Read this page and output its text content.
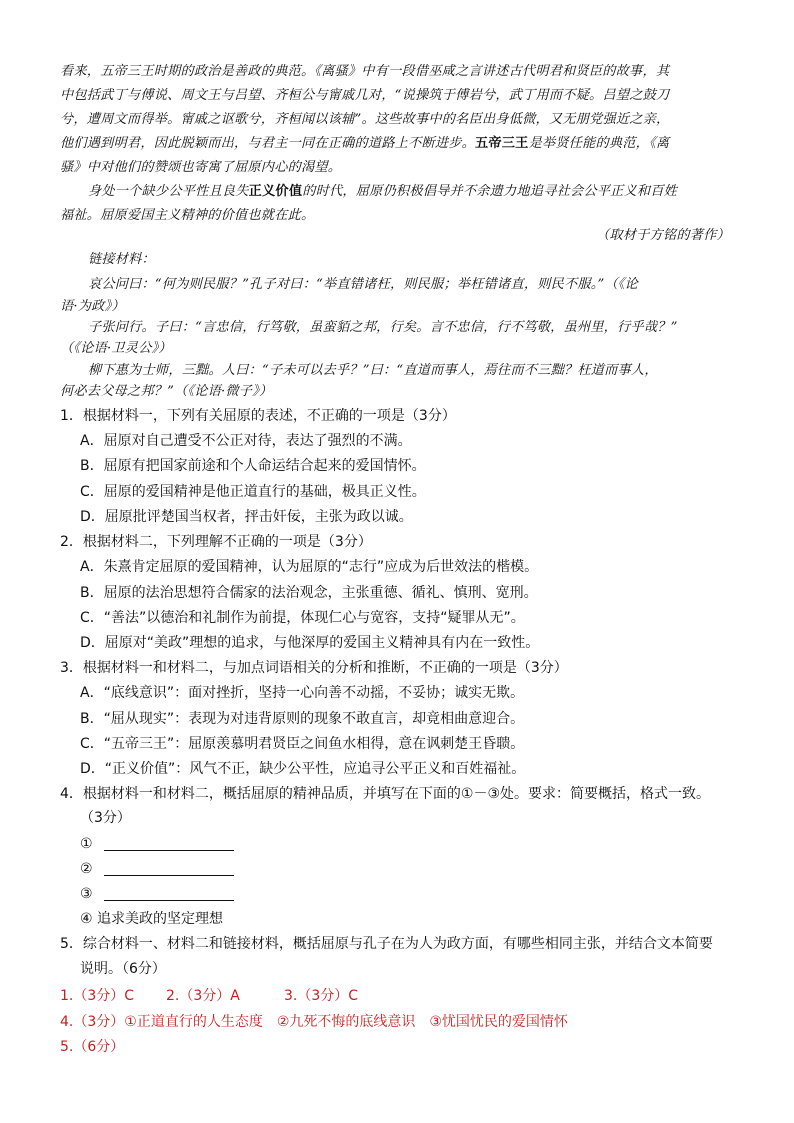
看来，五帝三王时期的政治是善政的典范。《离骚》中有一段借巫咸之言讲述古代明君和贤臣的故事，其
中包括武丁与傅说、周文王与吕望、齐桓公与甯戚几对，“说操筑于傅岩兮，武丁用而不疑。吕望之鼓刀
兮，遭周文而得举。甯戚之讴歌兮，齐桓闻以该辅”。这些故事中的名臣出身低微，又无朋党强近之亲，
他们遇到明君，因此脱颖而出，与君主一同在正确的道路上不断进步。五帝三王是举贤任能的典范，《离
骚》中对他们的赞颂也寄寓了屈原内心的渴望。
身处一个缺少公平性且良失正义价值的时代，屈原仍积极倡导并不余遗力地追寻社会公平正义和百姓
福祉。屈原爱国主义精神的价值也就在此。
（取材于方铭的著作）
链接材料：
哀公问曰：“何为则民服？”孔子对曰：“举直错诸枉，则民服；举枉错诸直，则民不服。”（《论
语·为政》）
子张问行。子曰：“言忠信，行笃敬，虽蛮貊之邦，行矣。言不忠信，行不笃敬，虽州里，行乎哉？”
（《论语·卫灵公》）
柳下惠为士师，三黜。人曰：“子未可以去乎？”曰：“直道而事人，焉往而不三黜？枉道而事人，
何必去父母之邦？”（《论语·微子》）
1．根据材料一，下列有关屈原的表述，不正确的一项是（3分）
A．屈原对自己遭受不公正对待，表达了强烈的不满。
B．屈原有把国家前途和个人命运结合起来的爱国情怀。
C．屈原的爱国精神是他正道直行的基础，极具正义性。
D．屈原批评楚国当权者，抨击奸佞，主张为政以诚。
2．根据材料二，下列理解不正确的一项是（3分）
A．朱熹肯定屈原的爱国精神，认为屈原的“志行”应成为后世效法的楷模。
B．屈原的法治思想符合儒家的法治观念，主张重德、循礼、慎刑、宽刑。
C．“善法”以德治和礼制作为前提，体现仁心与宽容，支持“疑罪从无”。
D．屈原对“美政”理想的追求，与他深厚的爱国主义精神具有内在一致性。
3．根据材料一和材料二，与加点词语相关的分析和推断，不正确的一项是（3分）
A．“底线意识”：面对挫折，坚持一心向善不动摇，不妥协；诚实无欺。
B．“屈从现实”：表现为对违背原则的现象不敢直言，却竟相曲意迎合。
C．“五帝三王”：屈原羡慕明君贤臣之间鱼水相得，意在讽刺楚王昏聩。
D．“正义价值”：风气不正，缺少公平性，应追寻公平正义和百姓福祉。
4．根据材料一和材料二，概括屈原的精神品质，并填写在下面的①－③处。要求：简要概括，格式一致。
（3分）
①
②
③
④ 追求美政的坚定理想
5．综合材料一、材料二和链接材料，概括屈原与孔子在为人为政方面，有哪些相同主张，并结合文本简要
说明。（6分）
1.（3分）C 2.（3分）A	3.（3分）C
4.（3分）①正道直行的人生态度　②九死不悔的底线意识　③忧国忧民的爱国情怀
5.（6分）
